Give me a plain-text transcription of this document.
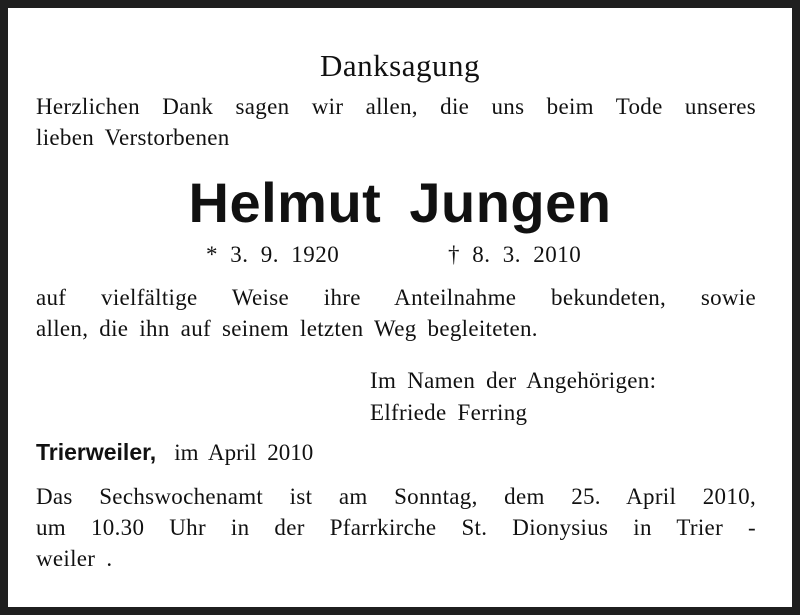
Danksagung
Herzlichen Dank sagen wir allen, die uns beim Tode unseres
lieben Verstorbenen
Helmut Jungen
* 3. 9. 1920	† 8. 3. 2010
auf vielfältige Weise ihre Anteilnahme bekundeten, sowie
allen, die ihn auf seinem letzten Weg begleiteten.
Im Namen der Angehörigen:
Elfriede Ferring
Trierweiler, im April 2010
Das Sechswochenamt ist am Sonntag, dem 25. April 2010,
um 10.30 Uhr in der Pfarrkirche St. Dionysius in Trier -
weiler .
